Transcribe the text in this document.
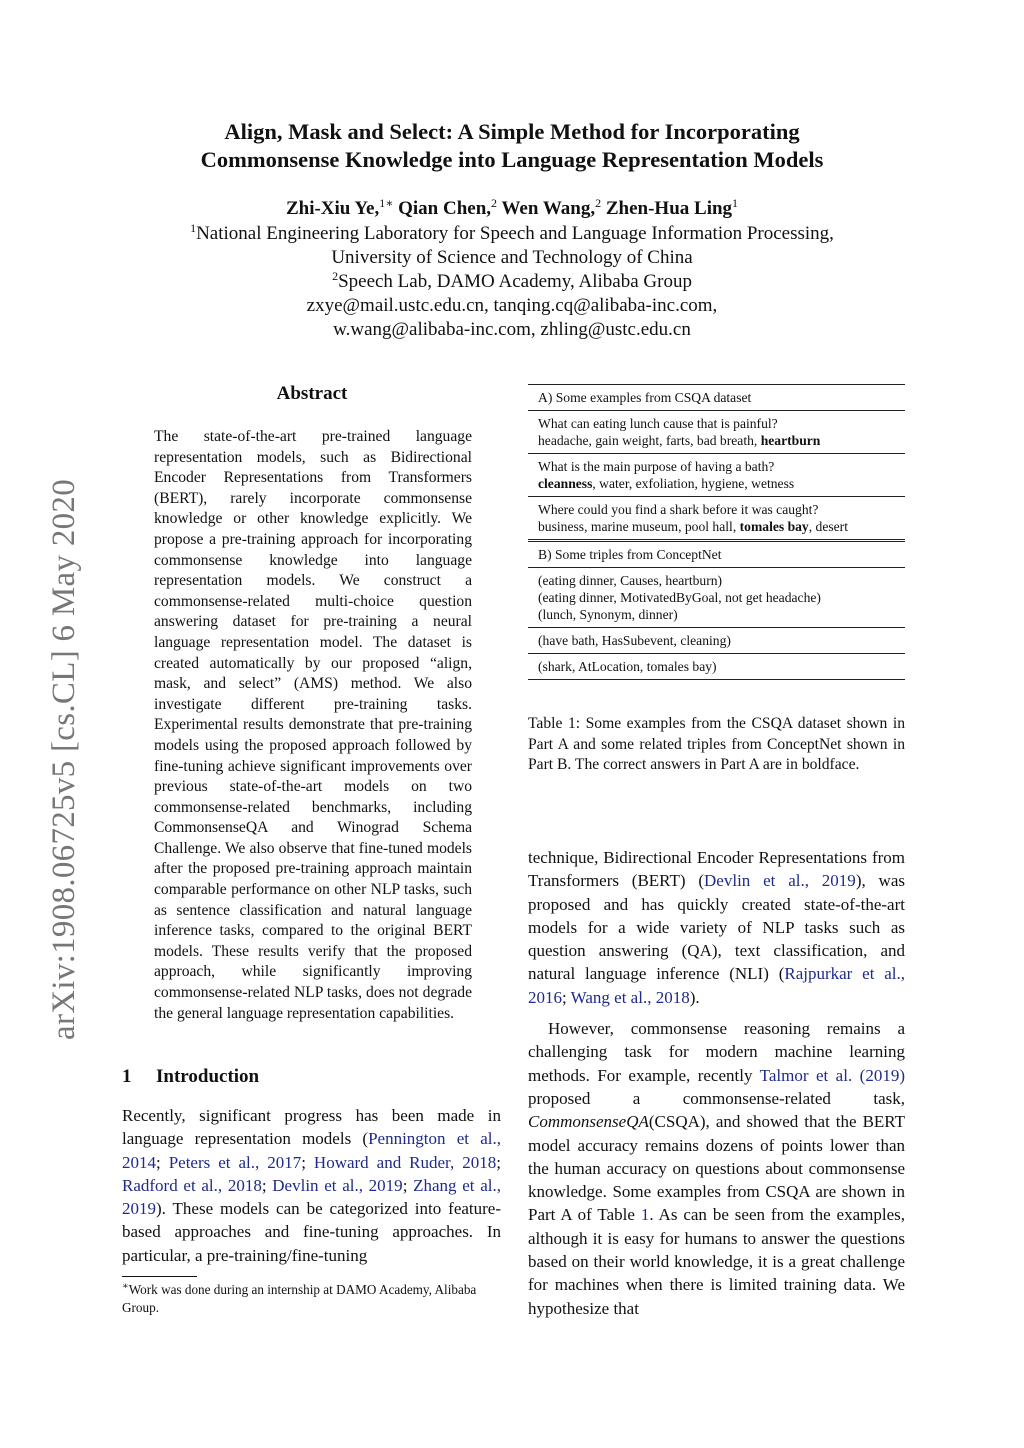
Align, Mask and Select: A Simple Method for Incorporating
Commonsense Knowledge into Language Representation Models
Zhi-Xiu Ye,$^{1∗}$ Qian Chen,$^2$ Wen Wang,$^2$ Zhen-Hua Ling$^1$
$^1$National Engineering Laboratory for Speech and Language Information Processing,
University of Science and Technology of China
$^2$Speech Lab, DAMO Academy, Alibaba Group
zxye@mail.ustc.edu.cn, tanqing.cq@alibaba-inc.com,
w.wang@alibaba-inc.com, zhling@ustc.edu.cn
arXiv:1908.06725v5 [cs.CL] 6 May 2020
Abstract
The state-of-the-art pre-trained language representation models, such as Bidirectional Encoder Representations from Transformers (BERT), rarely incorporate commonsense knowledge or other knowledge explicitly. We propose a pre-training approach for incorporating commonsense knowledge into language representation models. We construct a commonsense-related multi-choice question answering dataset for pre-training a neural language representation model. The dataset is created automatically by our proposed “align, mask, and select” (AMS) method. We also investigate different pre-training tasks. Experimental results demonstrate that pre-training models using the proposed approach followed by fine-tuning achieve significant improvements over previous state-of-the-art models on two commonsense-related benchmarks, including CommonsenseQA and Winograd Schema Challenge. We also observe that fine-tuned models after the proposed pre-training approach maintain comparable performance on other NLP tasks, such as sentence classification and natural language inference tasks, compared to the original BERT models. These results verify that the proposed approach, while significantly improving commonsense-related NLP tasks, does not degrade the general language representation capabilities.
1 Introduction
Recently, significant progress has been made in language representation models (Pennington et al., 2014; Peters et al., 2017; Howard and Ruder, 2018; Radford et al., 2018; Devlin et al., 2019; Zhang et al., 2019). These models can be categorized into feature-based approaches and fine-tuning approaches. In particular, a pre-training/fine-tuning
∗Work was done during an internship at DAMO Academy, Alibaba Group.
A) Some examples from CSQA dataset
What can eating lunch cause that is painful?
headache, gain weight, farts, bad breath, heartburn
What is the main purpose of having a bath?
cleanness, water, exfoliation, hygiene, wetness
Where could you find a shark before it was caught?
business, marine museum, pool hall, tomales bay, desert
B) Some triples from ConceptNet
(eating dinner, Causes, heartburn)
(eating dinner, MotivatedByGoal, not get headache)
(lunch, Synonym, dinner)
(have bath, HasSubevent, cleaning)
(shark, AtLocation, tomales bay)
Table 1: Some examples from the CSQA dataset shown in Part A and some related triples from ConceptNet shown in Part B. The correct answers in Part A are in boldface.

technique, Bidirectional Encoder Representations from Transformers (BERT) (Devlin et al., 2019), was proposed and has quickly created state-of-the-art models for a wide variety of NLP tasks such as question answering (QA), text classification, and natural language inference (NLI) (Rajpurkar et al., 2016; Wang et al., 2018).

However, commonsense reasoning remains a challenging task for modern machine learning methods. For example, recently Talmor et al. (2019) proposed a commonsense-related task, CommonsenseQA(CSQA), and showed that the BERT model accuracy remains dozens of points lower than the human accuracy on questions about commonsense knowledge. Some examples from CSQA are shown in Part A of Table 1. As can be seen from the examples, although it is easy for humans to answer the questions based on their world knowledge, it is a great challenge for machines when there is limited training data. We hypothesize that
